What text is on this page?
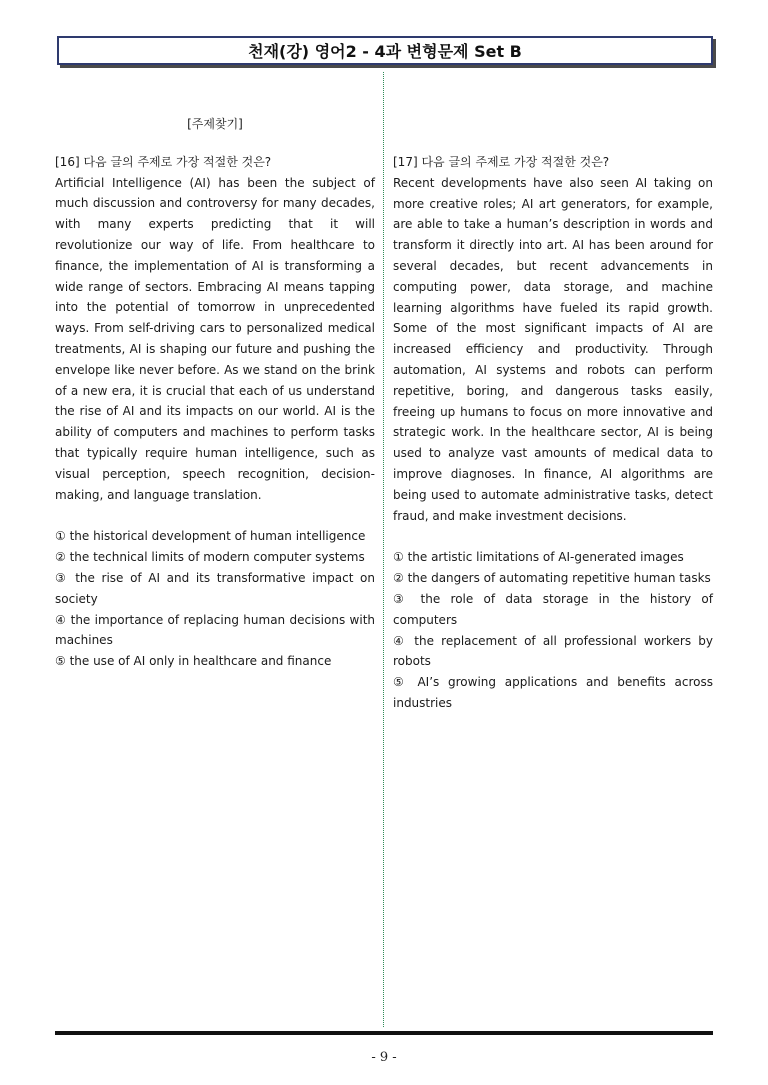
천재(강) 영어2 - 4과 변형문제 Set B
[주제찾기]

[16] 다음 글의 주제로 가장 적절한 것은?

Artificial Intelligence (AI) has been the subject of much discussion and controversy for many decades, with many experts predicting that it will revolutionize our way of life. From healthcare to finance, the implementation of AI is transforming a wide range of sectors. Embracing AI means tapping into the potential of tomorrow in unprecedented ways. From self-driving cars to personalized medical treatments, AI is shaping our future and pushing the envelope like never before. As we stand on the brink of a new era, it is crucial that each of us understand the rise of AI and its impacts on our world. AI is the ability of computers and machines to perform tasks that typically require human intelligence, such as visual perception, speech recognition, decision-making, and language translation.

① the historical development of human intelligence

② the technical limits of modern computer systems

③ the rise of AI and its transformative impact on society

④ the importance of replacing human decisions with machines

⑤ the use of AI only in healthcare and finance

[17] 다음 글의 주제로 가장 적절한 것은?

Recent developments have also seen AI taking on more creative roles; AI art generators, for example, are able to take a human’s description in words and transform it directly into art. AI has been around for several decades, but recent advancements in computing power, data storage, and machine learning algorithms have fueled its rapid growth. Some of the most significant impacts of AI are increased efficiency and productivity. Through automation, AI systems and robots can perform repetitive, boring, and dangerous tasks easily, freeing up humans to focus on more innovative and strategic work. In the healthcare sector, AI is being used to analyze vast amounts of medical data to improve diagnoses. In finance, AI algorithms are being used to automate administrative tasks, detect fraud, and make investment decisions.

① the artistic limitations of AI-generated images

② the dangers of automating repetitive human tasks

③ the role of data storage in the history of computers

④ the replacement of all professional workers by robots

⑤ AI’s growing applications and benefits across industries

- 9 -
